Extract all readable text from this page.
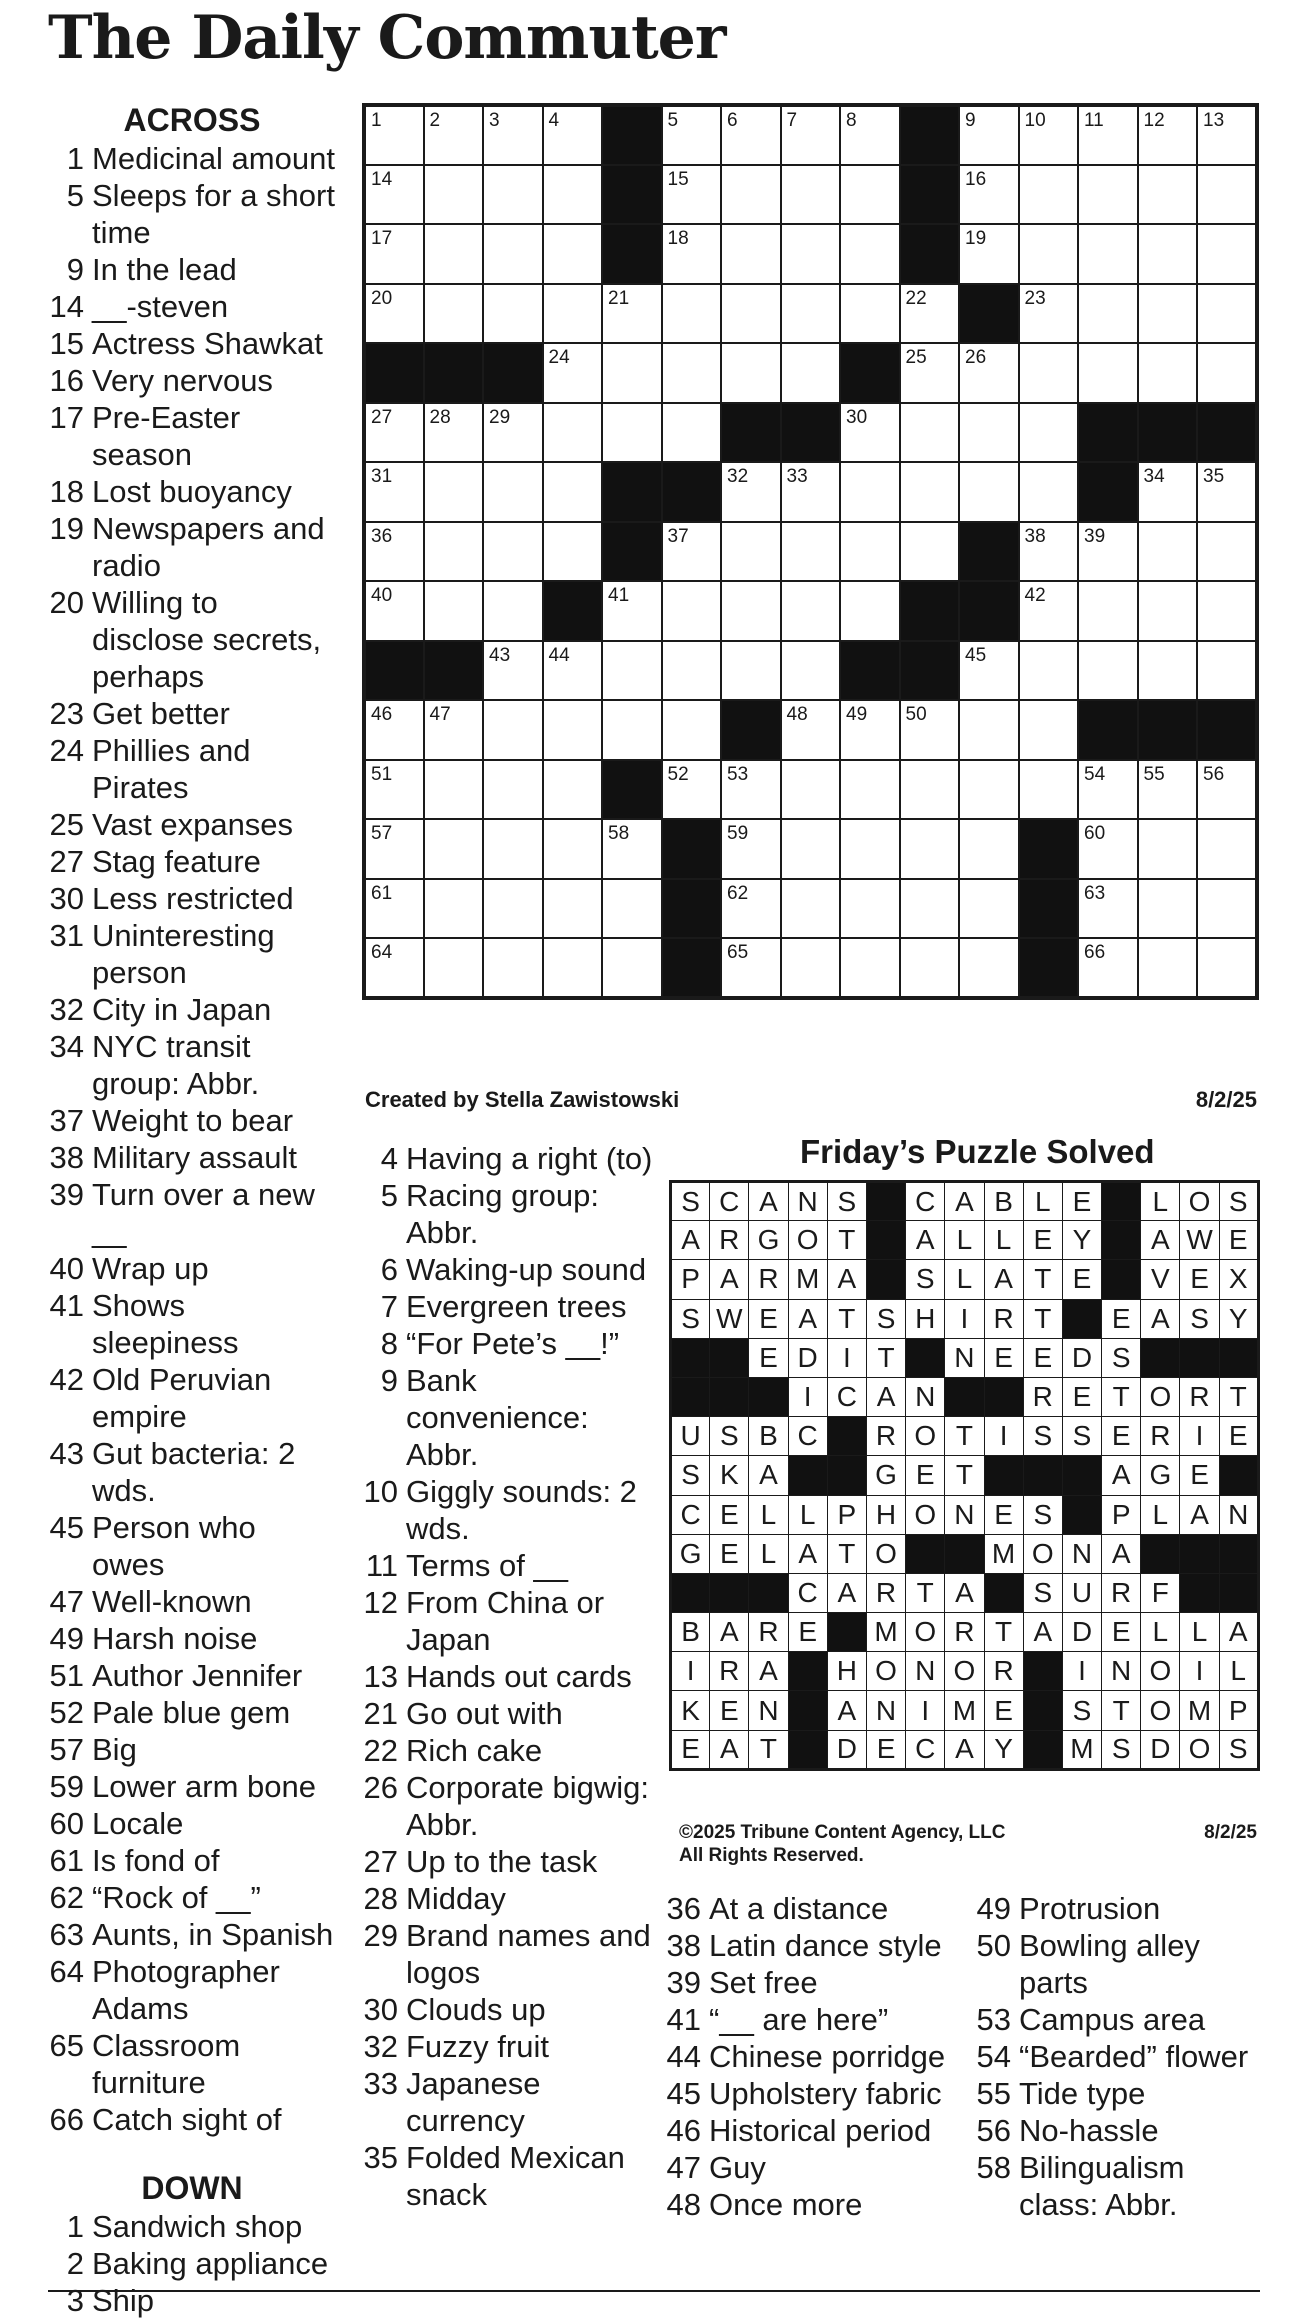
The Daily Commuter
ACROSS
1 Medicinal amount
5 Sleeps for a short time
9 In the lead
14 __-steven
15 Actress Shawkat
16 Very nervous
17 Pre-Easter season
18 Lost buoyancy
19 Newspapers and radio
20 Willing to disclose secrets, perhaps
23 Get better
24 Phillies and Pirates
25 Vast expanses
27 Stag feature
30 Less restricted
31 Uninteresting person
32 City in Japan
34 NYC transit group: Abbr.
37 Weight to bear
38 Military assault
39 Turn over a new __
40 Wrap up
41 Shows sleepiness
42 Old Peruvian empire
43 Gut bacteria: 2 wds.
45 Person who owes
47 Well-known
49 Harsh noise
51 Author Jennifer
52 Pale blue gem
57 Big
59 Lower arm bone
60 Locale
61 Is fond of
62 “Rock of __”
63 Aunts, in Spanish
64 Photographer Adams
65 Classroom furniture
66 Catch sight of
DOWN
1 Sandwich shop
2 Baking appliance
3 Ship
1	2	3	4		5	6	7	8		9	10	11	12	13

14					15					16				

17					18					19				

20				21					22		23			

			24						25	26				

27	28	29						30						

31						32	33						34	35

36					37						38	39		

40				41							42			

		43	44							45				

46	47						48	49	50					

51					52	53						54	55	56

57				58		59						60		

61						62						63		

64						65						66		

Created by Stella Zawistowski	8/2/25
4 Having a right (to)
5 Racing group: Abbr.
6 Waking-up sound
7 Evergreen trees
8 “For Pete’s __!”
9 Bank convenience: Abbr.
10 Giggly sounds: 2 wds.
11 Terms of __
12 From China or Japan
13 Hands out cards
21 Go out with
22 Rich cake
26 Corporate bigwig: Abbr.
27 Up to the task
28 Midday
29 Brand names and logos
30 Clouds up
32 Fuzzy fruit
33 Japanese currency
35 Folded Mexican snack
Friday’s Puzzle Solved
S	C	A	N	S		C	A	B	L	E		L	O	S
A	R	G	O	T		A	L	L	E	Y		A	W	E
P	A	R	M	A		S	L	A	T	E		V	E	X
S	W	E	A	T	S	H	I	R	T		E	A	S	Y
		E	D	I	T		N	E	E	D	S			
			I	C	A	N			R	E	T	O	R	T
U	S	B	C		R	O	T	I	S	S	E	R	I	E
S	K	A			G	E	T				A	G	E	
C	E	L	L	P	H	O	N	E	S		P	L	A	N
G	E	L	A	T	O			M	O	N	A			
			C	A	R	T	A		S	U	R	F		
B	A	R	E		M	O	R	T	A	D	E	L	L	A
I	R	A		H	O	N	O	R		I	N	O	I	L
K	E	N		A	N	I	M	E		S	T	O	M	P
E	A	T		D	E	C	A	Y		M	S	D	O	S
©2025 Tribune Content Agency, LLC
All Rights Reserved.
8/2/25
36 At a distance
38 Latin dance style
39 Set free
41 “__ are here”
44 Chinese porridge
45 Upholstery fabric
46 Historical period
47 Guy
48 Once more
49 Protrusion
50 Bowling alley parts
53 Campus area
54 “Bearded” flower
55 Tide type
56 No-hassle
58 Bilingualism class: Abbr.
